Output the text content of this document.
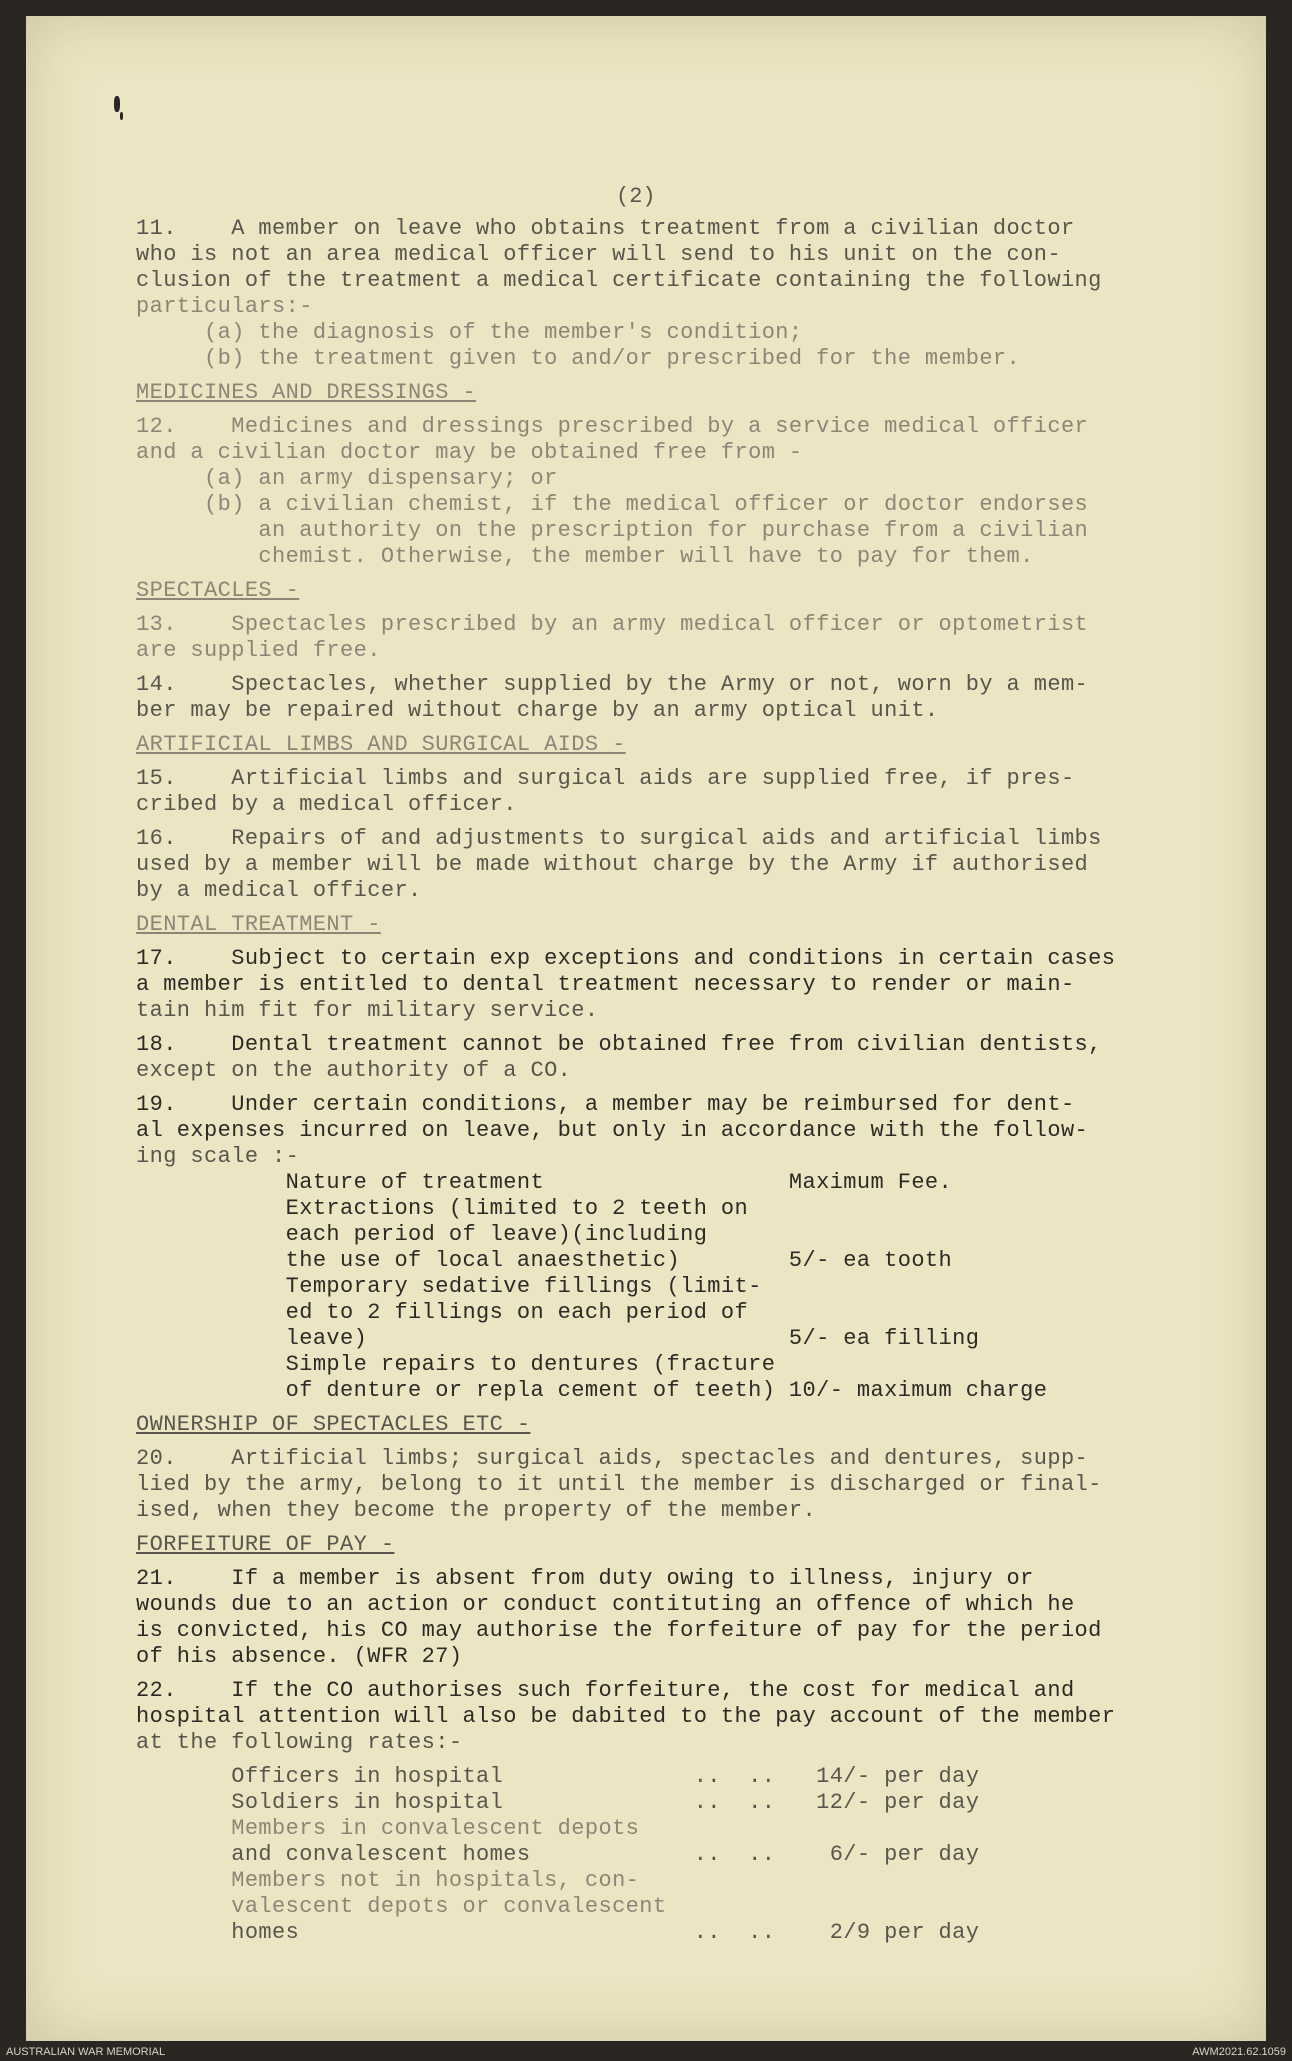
(2)
11.    A member on leave who obtains treatment from a civilian doctor
who is not an area medical officer will send to his unit on the con-
clusion of the treatment a medical certificate containing the following
particulars:-
(a) the diagnosis of the member's condition;
(b) the treatment given to and/or prescribed for the member.
MEDICINES AND DRESSINGS -
12.    Medicines and dressings prescribed by a service medical officer
and a civilian doctor may be obtained free from -
(a) an army dispensary; or
(b) a civilian chemist, if the medical officer or doctor endorses
an authority on the prescription for purchase from a civilian
chemist. Otherwise, the member will have to pay for them.
SPECTACLES -
13.    Spectacles prescribed by an army medical officer or optometrist
are supplied free.
14.    Spectacles, whether supplied by the Army or not, worn by a mem-
ber may be repaired without charge by an army optical unit.
ARTIFICIAL LIMBS AND SURGICAL AIDS -
15.    Artificial limbs and surgical aids are supplied free, if pres-
cribed by a medical officer.
16.    Repairs of and adjustments to surgical aids and artificial limbs
used by a member will be made without charge by the Army if authorised
by a medical officer.
DENTAL TREATMENT -
17.    Subject to certain exp exceptions and conditions in certain cases
a member is entitled to dental treatment necessary to render or main-
tain him fit for military service.
18.    Dental treatment cannot be obtained free from civilian dentists,
except on the authority of a CO.
19.    Under certain conditions, a member may be reimbursed for dent-
al expenses incurred on leave, but only in accordance with the follow-
ing scale :-
Nature of treatment                  Maximum Fee.
Extractions (limited to 2 teeth on
each period of leave)(including
the use of local anaesthetic)        5/- ea tooth
Temporary sedative fillings (limit-
ed to 2 fillings on each period of
leave)                               5/- ea filling
Simple repairs to dentures (fracture
of denture or repla cement of teeth) 10/- maximum charge
OWNERSHIP OF SPECTACLES ETC -
20.    Artificial limbs; surgical aids, spectacles and dentures, supp-
lied by the army, belong to it until the member is discharged or final-
ised, when they become the property of the member.
FORFEITURE OF PAY -
21.    If a member is absent from duty owing to illness, injury or
wounds due to an action or conduct contituting an offence of which he
is convicted, his CO may authorise the forfeiture of pay for the period
of his absence. (WFR 27)
22.    If the CO authorises such forfeiture, the cost for medical and
hospital attention will also be dabited to the pay account of the member
at the following rates:-
Officers in hospital              ..  ..   14/- per day
Soldiers in hospital              ..  ..   12/- per day
Members in convalescent depots
and convalescent homes            ..  ..    6/- per day
Members not in hospitals, con-
valescent depots or convalescent
homes                             ..  ..    2/9 per day
AUSTRALIAN WAR MEMORIAL	AWM2021.62.1059
